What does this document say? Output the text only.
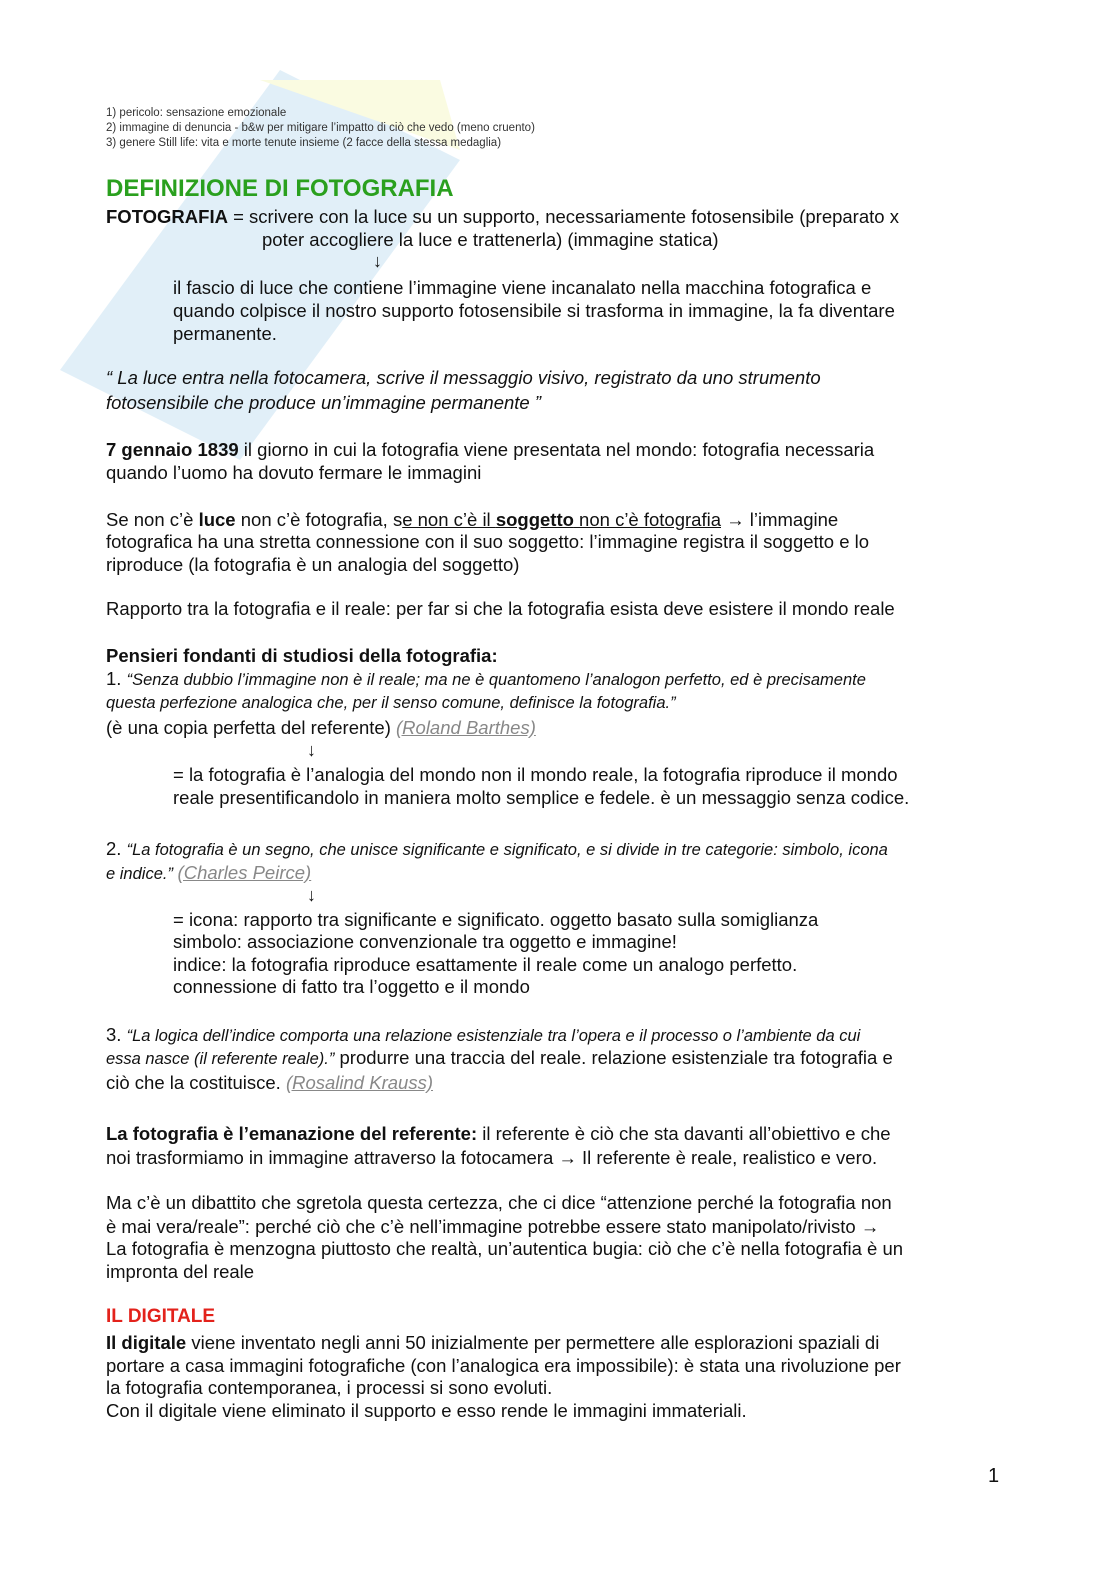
1) pericolo: sensazione emozionale
2) immagine di denuncia - b&w per mitigare l’impatto di ciò che vedo (meno cruento)
3) genere Still life: vita e morte tenute insieme (2 facce della stessa medaglia)
DEFINIZIONE DI FOTOGRAFIA
FOTOGRAFIA = scrivere con la luce su un supporto, necessariamente fotosensibile (preparato x
poter accogliere la luce e trattenerla) (immagine statica)
↓
il fascio di luce che contiene l’immagine viene incanalato nella macchina fotografica e
quando colpisce il nostro supporto fotosensibile si trasforma in immagine, la fa diventare
permanente.
“ La luce entra nella fotocamera, scrive il messaggio visivo, registrato da uno strumento
fotosensibile che produce un’immagine permanente ”
7 gennaio 1839 il giorno in cui la fotografia viene presentata nel mondo: fotografia necessaria
quando l’uomo ha dovuto fermare le immagini
Se non c’è luce non c’è fotografia, se non c’è il soggetto non c’è fotografia → l’immagine
fotografica ha una stretta connessione con il suo soggetto: l’immagine registra il soggetto e lo
riproduce (la fotografia è un analogia del soggetto)
Rapporto tra la fotografia e il reale: per far si che la fotografia esista deve esistere il mondo reale
Pensieri fondanti di studiosi della fotografia:
1. “Senza dubbio l’immagine non è il reale; ma ne è quantomeno l’analogon perfetto, ed è precisamente
questa perfezione analogica che, per il senso comune, definisce la fotografia.”
(è una copia perfetta del referente) (Roland Barthes)
↓
= la fotografia è l’analogia del mondo non il mondo reale, la fotografia riproduce il mondo
reale presentificandolo in maniera molto semplice e fedele. è un messaggio senza codice.
2. “La fotografia è un segno, che unisce significante e significato, e si divide in tre categorie: simbolo, icona
e indice.” (Charles Peirce)
↓
= icona: rapporto tra significante e significato. oggetto basato sulla somiglianza
simbolo: associazione convenzionale tra oggetto e immagine!
indice: la fotografia riproduce esattamente il reale come un analogo perfetto.
connessione di fatto tra l’oggetto e il mondo
3. “La logica dell’indice comporta una relazione esistenziale tra l’opera e il processo o l’ambiente da cui
essa nasce (il referente reale).” produrre una traccia del reale. relazione esistenziale tra fotografia e
ciò che la costituisce. (Rosalind Krauss)
La fotografia è l’emanazione del referente: il referente è ciò che sta davanti all’obiettivo e che
noi trasformiamo in immagine attraverso la fotocamera → Il referente è reale, realistico e vero.
Ma c’è un dibattito che sgretola questa certezza, che ci dice “attenzione perché la fotografia non
è mai vera/reale”: perché ciò che c’è nell’immagine potrebbe essere stato manipolato/rivisto →
La fotografia è menzogna piuttosto che realtà, un’autentica bugia: ciò che c’è nella fotografia è un
impronta del reale
IL DIGITALE
Il digitale viene inventato negli anni 50 inizialmente per permettere alle esplorazioni spaziali di
portare a casa immagini fotografiche (con l’analogica era impossibile): è stata una rivoluzione per
la fotografia contemporanea, i processi si sono evoluti.
Con il digitale viene eliminato il supporto e esso rende le immagini immateriali.
1
